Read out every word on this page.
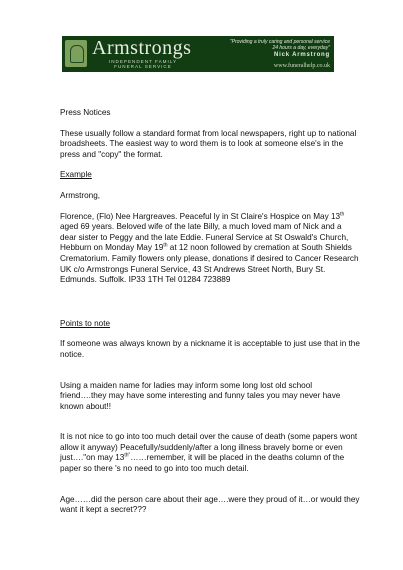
Armstrongs
INDEPENDENT FAMILY
FUNERAL SERVICE
"Providing a truly caring and personal service
24 hours a day, everyday"
Nick Armstrong
www.funeralhelp.co.uk

Press Notices

These usually follow a standard format from local newspapers, right up to national broadsheets. The easiest way to word them is to look at someone else's in the press and "copy" the format.

Example

Armstrong,

Florence, (Flo) Nee Hargreaves. Peaceful ly in St Claire's Hospice on May 13th aged 69 years. Beloved wife of the late Billy, a much loved mam of Nick and a dear sister to Peggy and the late Eddie. Funeral Service at St Oswald's Church, Hebburn on Monday May 19th at 12 noon followed by cremation at South Shields Crematorium. Family flowers only please, donations if desired to Cancer Research UK c/o Armstrongs Funeral Service, 43 St Andrews Street North, Bury St. Edmunds. Suffolk. IP33 1TH Tel 01284 723889

Points to note

If someone was always known by a nickname it is acceptable to just use that in the notice.

Using a maiden name for ladies may inform some long lost old school friend….they may have some interesting and funny tales you may never have known about!!

It is not nice to go into too much detail over the cause of death (some papers wont allow it anyway) Peacefully/suddenly/after a long illness bravely borne or even just…."on may $13^{th"}\dots\dots remember$, it will be placed in the deaths column of the paper so there 's no need to go into too much detail.

Age……did the person care about their age….were they proud of it…or would they want it kept a secret???
